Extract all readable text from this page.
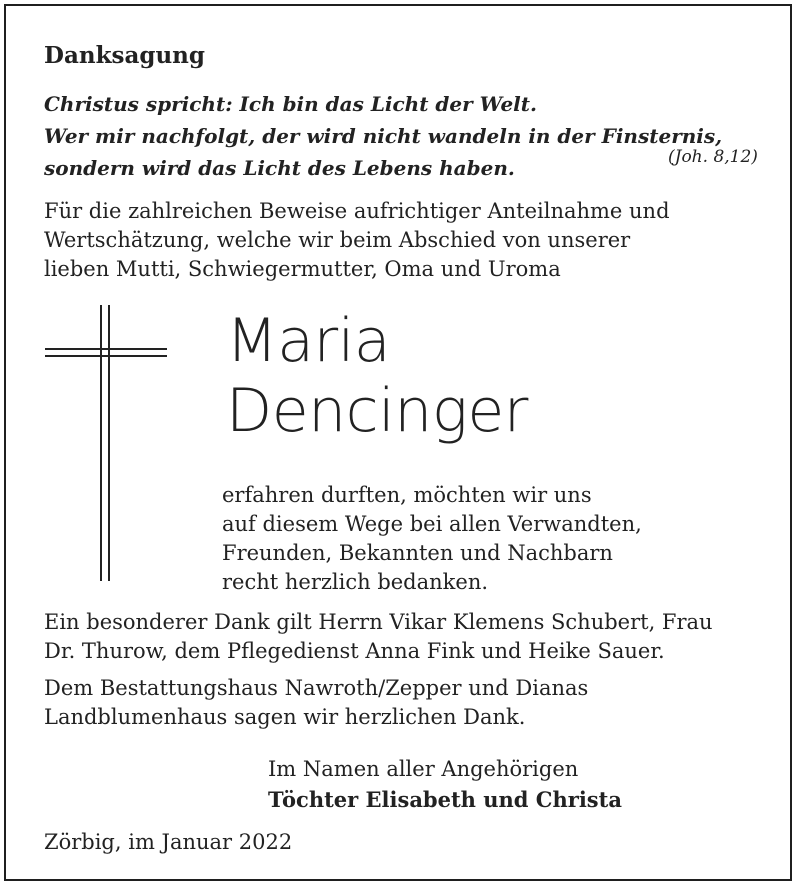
Danksagung
Christus spricht: Ich bin das Licht der Welt.
Wer mir nachfolgt, der wird nicht wandeln in der Finsternis,
sondern wird das Licht des Lebens haben.	(Joh. 8,12)
Für die zahlreichen Beweise aufrichtiger Anteilnahme und
Wertschätzung, welche wir beim Abschied von unserer
lieben Mutti, Schwiegermutter, Oma und Uroma
Maria
Dencinger
erfahren durften, möchten wir uns
auf diesem Wege bei allen Verwandten,
Freunden, Bekannten und Nachbarn
recht herzlich bedanken.
Ein besonderer Dank gilt Herrn Vikar Klemens Schubert, Frau
Dr. Thurow, dem Pflegedienst Anna Fink und Heike Sauer.
Dem Bestattungshaus Nawroth/Zepper und Dianas
Landblumenhaus sagen wir herzlichen Dank.
Im Namen aller Angehörigen
Töchter Elisabeth und Christa
Zörbig, im Januar 2022
